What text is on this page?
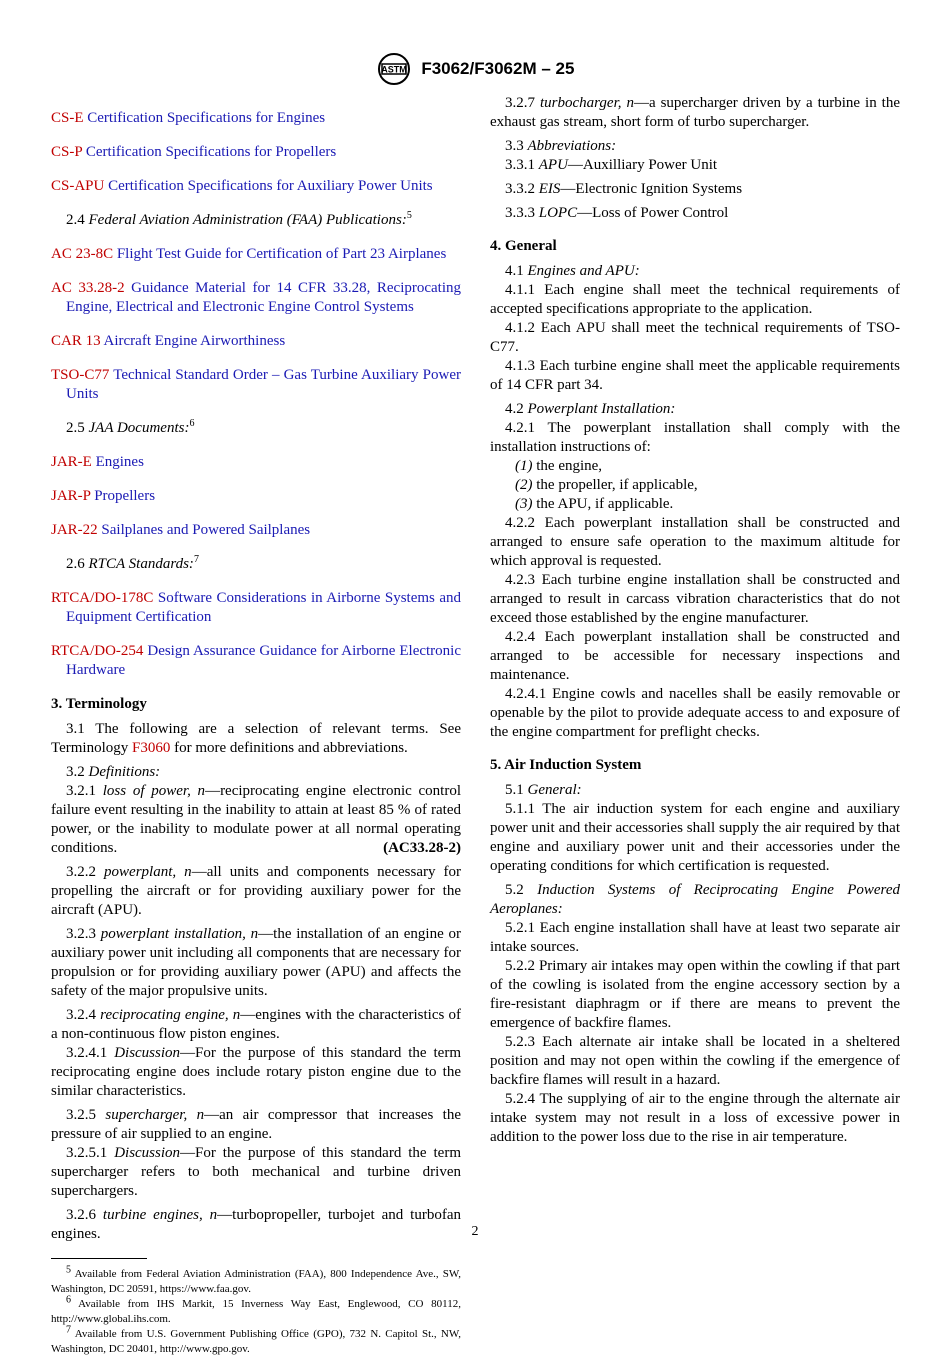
ASTM F3062/F3062M – 25

CS-E Certification Specifications for Engines

CS-P Certification Specifications for Propellers

CS-APU Certification Specifications for Auxiliary Power Units

2.4 Federal Aviation Administration (FAA) Publications:$^5$

AC 23-8C Flight Test Guide for Certification of Part 23 Airplanes

AC 33.28-2 Guidance Material for 14 CFR 33.28, Reciprocating Engine, Electrical and Electronic Engine Control Systems

CAR 13 Aircraft Engine Airworthiness

TSO-C77 Technical Standard Order – Gas Turbine Auxiliary Power Units

2.5 JAA Documents:$^6$

JAR-E Engines

JAR-P Propellers

JAR-22 Sailplanes and Powered Sailplanes

2.6 RTCA Standards:$^7$

RTCA/DO-178C Software Considerations in Airborne Systems and Equipment Certification

RTCA/DO-254 Design Assurance Guidance for Airborne Electronic Hardware

3. Terminology

3.1 The following are a selection of relevant terms. See Terminology F3060 for more definitions and abbreviations.

3.2 Definitions:

3.2.1 loss of power, n—reciprocating engine electronic control failure event resulting in the inability to attain at least 85 % of rated power, or the inability to modulate power at all normal operating conditions.	(AC33.28-2)

3.2.2 powerplant, n—all units and components necessary for propelling the aircraft or for providing auxiliary power for the aircraft (APU).

3.2.3 powerplant installation, n—the installation of an engine or auxiliary power unit including all components that are necessary for propulsion or for providing auxiliary power (APU) and affects the safety of the major propulsive units.

3.2.4 reciprocating engine, n—engines with the characteristics of a non-continuous flow piston engines.

3.2.4.1 Discussion—For the purpose of this standard the term reciprocating engine does include rotary piston engine due to the similar characteristics.

3.2.5 supercharger, n—an air compressor that increases the pressure of air supplied to an engine.

3.2.5.1 Discussion—For the purpose of this standard the term supercharger refers to both mechanical and turbine driven superchargers.

3.2.6 turbine engines, n—turbopropeller, turbojet and turbofan engines.

$^5$ Available from Federal Aviation Administration (FAA), 800 Independence Ave., SW, Washington, DC 20591, https://www.faa.gov.

$^6$ Available from IHS Markit, 15 Inverness Way East, Englewood, CO 80112, http://www.global.ihs.com.

$^7$ Available from U.S. Government Publishing Office (GPO), 732 N. Capitol St., NW, Washington, DC 20401, http://www.gpo.gov.

3.2.7 turbocharger, n—a supercharger driven by a turbine in the exhaust gas stream, short form of turbo supercharger.

3.3 Abbreviations:

3.3.1 APU—Auxilliary Power Unit

3.3.2 EIS—Electronic Ignition Systems

3.3.3 LOPC—Loss of Power Control

4. General

4.1 Engines and APU:

4.1.1 Each engine shall meet the technical requirements of accepted specifications appropriate to the application.

4.1.2 Each APU shall meet the technical requirements of TSO-C77.

4.1.3 Each turbine engine shall meet the applicable requirements of 14 CFR part 34.

4.2 Powerplant Installation:

4.2.1 The powerplant installation shall comply with the installation instructions of:

(1) the engine,

(2) the propeller, if applicable,

(3) the APU, if applicable.

4.2.2 Each powerplant installation shall be constructed and arranged to ensure safe operation to the maximum altitude for which approval is requested.

4.2.3 Each turbine engine installation shall be constructed and arranged to result in carcass vibration characteristics that do not exceed those established by the engine manufacturer.

4.2.4 Each powerplant installation shall be constructed and arranged to be accessible for necessary inspections and maintenance.

4.2.4.1 Engine cowls and nacelles shall be easily removable or openable by the pilot to provide adequate access to and exposure of the engine compartment for preflight checks.

5. Air Induction System

5.1 General:

5.1.1 The air induction system for each engine and auxiliary power unit and their accessories shall supply the air required by that engine and auxiliary power unit and their accessories under the operating conditions for which certification is requested.

5.2 Induction Systems of Reciprocating Engine Powered Aeroplanes:

5.2.1 Each engine installation shall have at least two separate air intake sources.

5.2.2 Primary air intakes may open within the cowling if that part of the cowling is isolated from the engine accessory section by a fire-resistant diaphragm or if there are means to prevent the emergence of backfire flames.

5.2.3 Each alternate air intake shall be located in a sheltered position and may not open within the cowling if the emergence of backfire flames will result in a hazard.

5.2.4 The supplying of air to the engine through the alternate air intake system may not result in a loss of excessive power in addition to the power loss due to the rise in air temperature.

2
